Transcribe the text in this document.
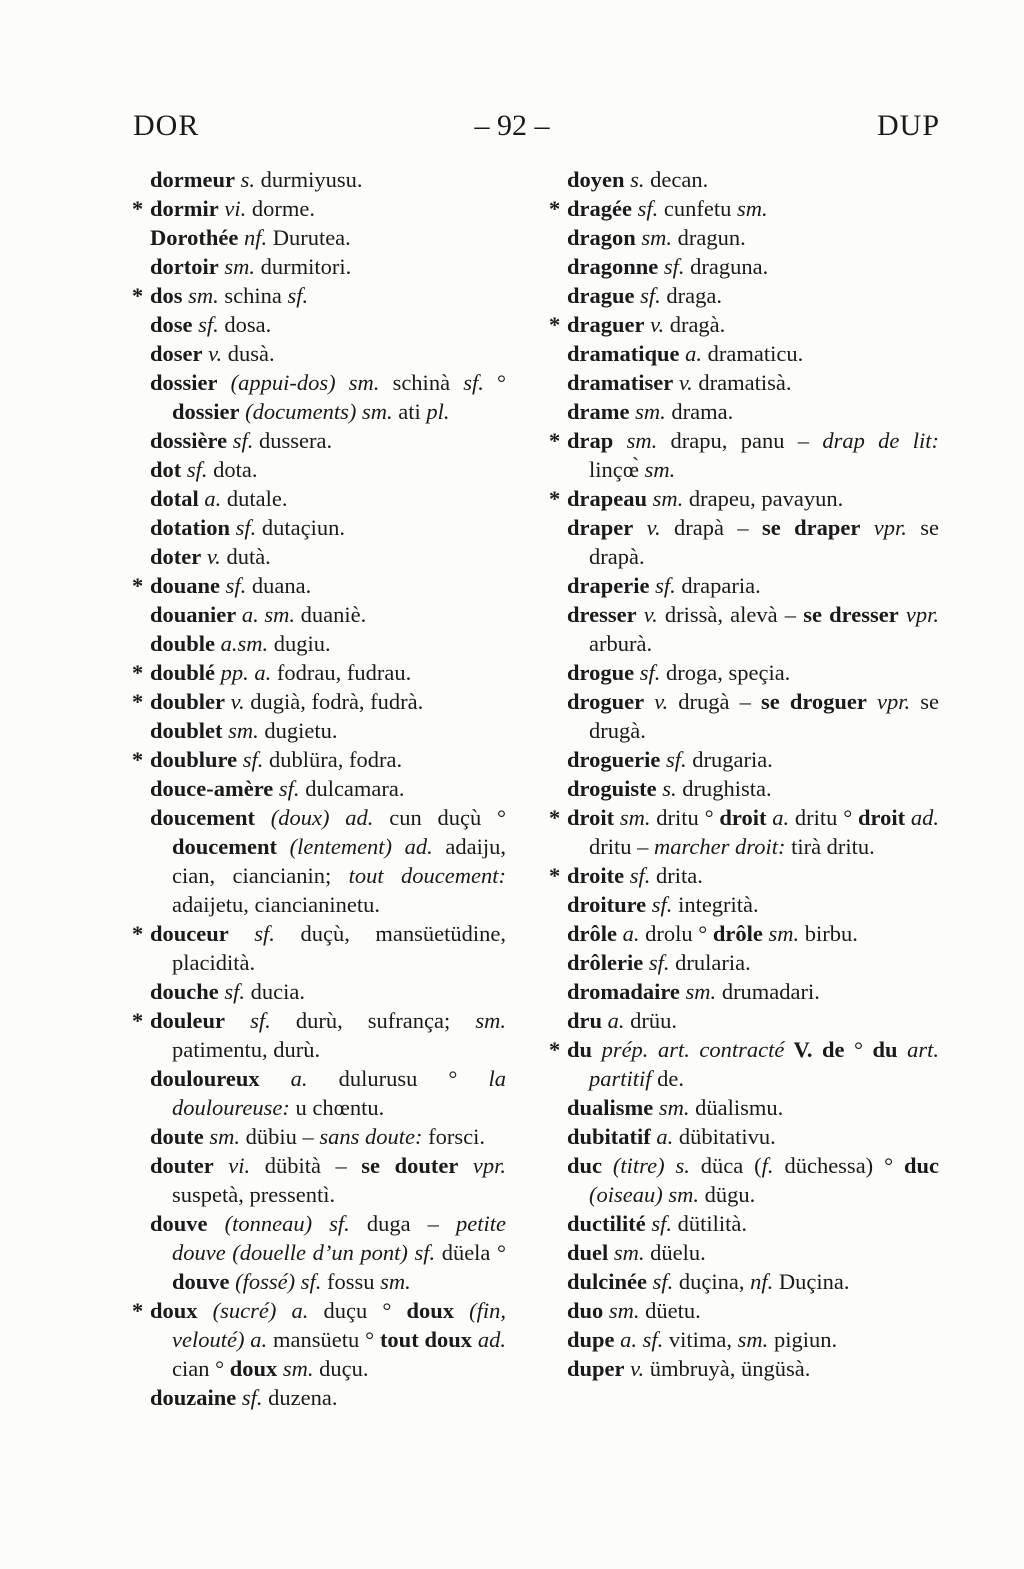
DOR	– 92 –	DUP

dormeur s. durmiyusu.

* dormir vi. dorme.

Dorothée nf. Durutea.

dortoir sm. durmitori.

* dos sm. schina sf.

dose sf. dosa.

doser v. dusà.

dossier (appui-dos) sm. schinà sf. ° dossier (documents) sm. ati pl.

dossière sf. dussera.

dot sf. dota.

dotal a. dutale.

dotation sf. dutaçiun.

doter v. dutà.

* douane sf. duana.

douanier a. sm. duaniè.

double a.sm. dugiu.

* doublé pp. a. fodrau, fudrau.

* doubler v. dugià, fodrà, fudrà.

doublet sm. dugietu.

* doublure sf. dublüra, fodra.

douce-amère sf. dulcamara.

doucement (doux) ad. cun duçù ° doucement (lentement) ad. adaiju, cian, ciancianin; tout doucement: adaijetu, ciancianinetu.

* douceur sf. duçù, mansüetüdine, placidità.

douche sf. ducia.

* douleur sf. durù, sufrança; sm. patimentu, durù.

douloureux a. dulurusu ° la douloureuse: u chœntu.

doute sm. dübiu – sans doute: forsci.

douter vi. dübità – se douter vpr. suspetà, pressentì.

douve (tonneau) sf. duga – petite douve (douelle d’un pont) sf. düela ° douve (fossé) sf. fossu sm.

* doux (sucré) a. duçu ° doux (fin, velouté) a. mansüetu ° tout doux ad. cian ° doux sm. duçu.

douzaine sf. duzena.

doyen s. decan.

* dragée sf. cunfetu sm.

dragon sm. dragun.

dragonne sf. draguna.

drague sf. draga.

* draguer v. dragà.

dramatique a. dramaticu.

dramatiser v. dramatisà.

drame sm. drama.

* drap sm. drapu, panu – drap de lit: linçœ̀ sm.

* drapeau sm. drapeu, pavayun.

draper v. drapà – se draper vpr. se drapà.

draperie sf. draparia.

dresser v. drissà, alevà – se dresser vpr. arburà.

drogue sf. droga, speçia.

droguer v. drugà – se droguer vpr. se drugà.

droguerie sf. drugaria.

droguiste s. drughista.

* droit sm. dritu ° droit a. dritu ° droit ad. dritu – marcher droit: tirà dritu.

* droite sf. drita.

droiture sf. integrità.

drôle a. drolu ° drôle sm. birbu.

drôlerie sf. drularia.

dromadaire sm. drumadari.

dru a. drüu.

* du prép. art. contracté V. de ° du art. partitif de.

dualisme sm. düalismu.

dubitatif a. dübitativu.

duc (titre) s. düca (f. düchessa) ° duc (oiseau) sm. dügu.

ductilité sf. dütilità.

duel sm. düelu.

dulcinée sf. duçina, nf. Duçina.

duo sm. düetu.

dupe a. sf. vitima, sm. pigiun.

duper v. ümbruyà, üngüsà.
